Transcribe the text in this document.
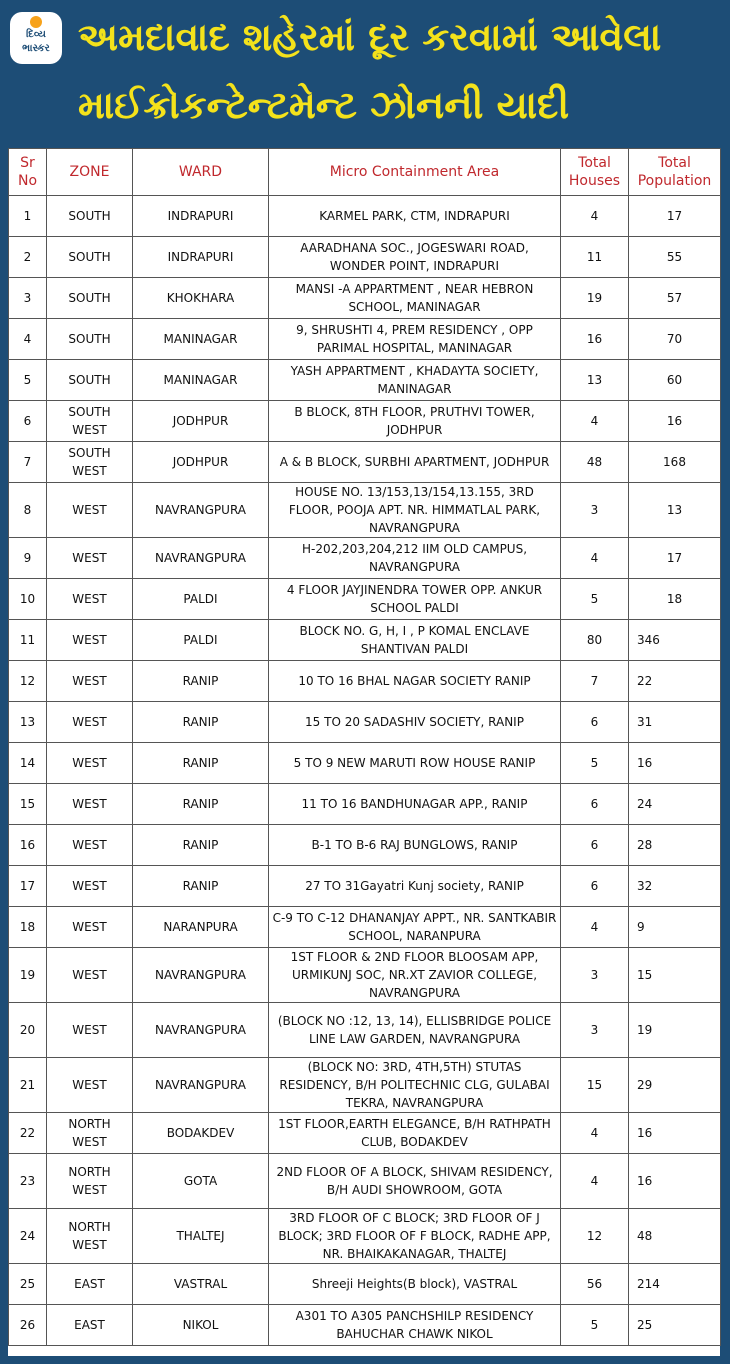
દિવ્ય
ભાસ્કર અમદાવાદ શહેરમાં દૂર કરવામાં આવેલા
માઈક્રોકન્ટેન્ટમેન્ટ ઝોનની યાદી
Sr No	ZONE	WARD	Micro Containment Area	Total Houses	Total Population
1	SOUTH	INDRAPURI	KARMEL PARK, CTM, INDRAPURI	4	17
2	SOUTH	INDRAPURI	AARADHANA SOC., JOGESWARI ROAD, WONDER POINT, INDRAPURI	11	55
3	SOUTH	KHOKHARA	MANSI -A APPARTMENT , NEAR HEBRON SCHOOL, MANINAGAR	19	57
4	SOUTH	MANINAGAR	9, SHRUSHTI 4, PREM RESIDENCY , OPP PARIMAL HOSPITAL, MANINAGAR	16	70
5	SOUTH	MANINAGAR	YASH APPARTMENT , KHADAYTA SOCIETY, MANINAGAR	13	60
6	SOUTH WEST	JODHPUR	B BLOCK, 8TH FLOOR, PRUTHVI TOWER, JODHPUR	4	16
7	SOUTH WEST	JODHPUR	A & B BLOCK, SURBHI APARTMENT, JODHPUR	48	168
8	WEST	NAVRANGPURA	HOUSE NO. 13/153,13/154,13.155, 3RD FLOOR, POOJA APT. NR. HIMMATLAL PARK, NAVRANGPURA	3	13
9	WEST	NAVRANGPURA	H-202,203,204,212 IIM OLD CAMPUS, NAVRANGPURA	4	17
10	WEST	PALDI	4 FLOOR JAYJINENDRA TOWER OPP. ANKUR SCHOOL PALDI	5	18
11	WEST	PALDI	BLOCK NO. G, H, I , P KOMAL ENCLAVE SHANTIVAN PALDI	80	346
12	WEST	RANIP	10 TO 16 BHAL NAGAR SOCIETY RANIP	7	22
13	WEST	RANIP	15 TO 20 SADASHIV SOCIETY, RANIP	6	31
14	WEST	RANIP	5 TO 9 NEW MARUTI ROW HOUSE RANIP	5	16
15	WEST	RANIP	11 TO 16 BANDHUNAGAR APP., RANIP	6	24
16	WEST	RANIP	B-1 TO B-6 RAJ BUNGLOWS, RANIP	6	28
17	WEST	RANIP	27 TO 31Gayatri Kunj society, RANIP	6	32
18	WEST	NARANPURA	C-9 TO C-12 DHANANJAY APPT., NR. SANTKABIR SCHOOL, NARANPURA	4	9
19	WEST	NAVRANGPURA	1ST FLOOR & 2ND FLOOR BLOOSAM APP, URMIKUNJ SOC, NR.XT ZAVIOR COLLEGE, NAVRANGPURA	3	15
20	WEST	NAVRANGPURA	(BLOCK NO :12, 13, 14), ELLISBRIDGE POLICE LINE LAW GARDEN, NAVRANGPURA	3	19
21	WEST	NAVRANGPURA	(BLOCK NO: 3RD, 4TH,5TH) STUTAS RESIDENCY, B/H POLITECHNIC CLG, GULABAI TEKRA, NAVRANGPURA	15	29
22	NORTH WEST	BODAKDEV	1ST FLOOR,EARTH ELEGANCE, B/H RATHPATH CLUB, BODAKDEV	4	16
23	NORTH WEST	GOTA	2ND FLOOR OF A BLOCK, SHIVAM RESIDENCY, B/H AUDI SHOWROOM, GOTA	4	16
24	NORTH WEST	THALTEJ	3RD FLOOR OF C BLOCK; 3RD FLOOR OF J BLOCK; 3RD FLOOR OF F BLOCK, RADHE APP, NR. BHAIKAKANAGAR, THALTEJ	12	48
25	EAST	VASTRAL	Shreeji Heights(B block), VASTRAL	56	214
26	EAST	NIKOL	A301 TO A305 PANCHSHILP RESIDENCY BAHUCHAR CHAWK NIKOL	5	25
